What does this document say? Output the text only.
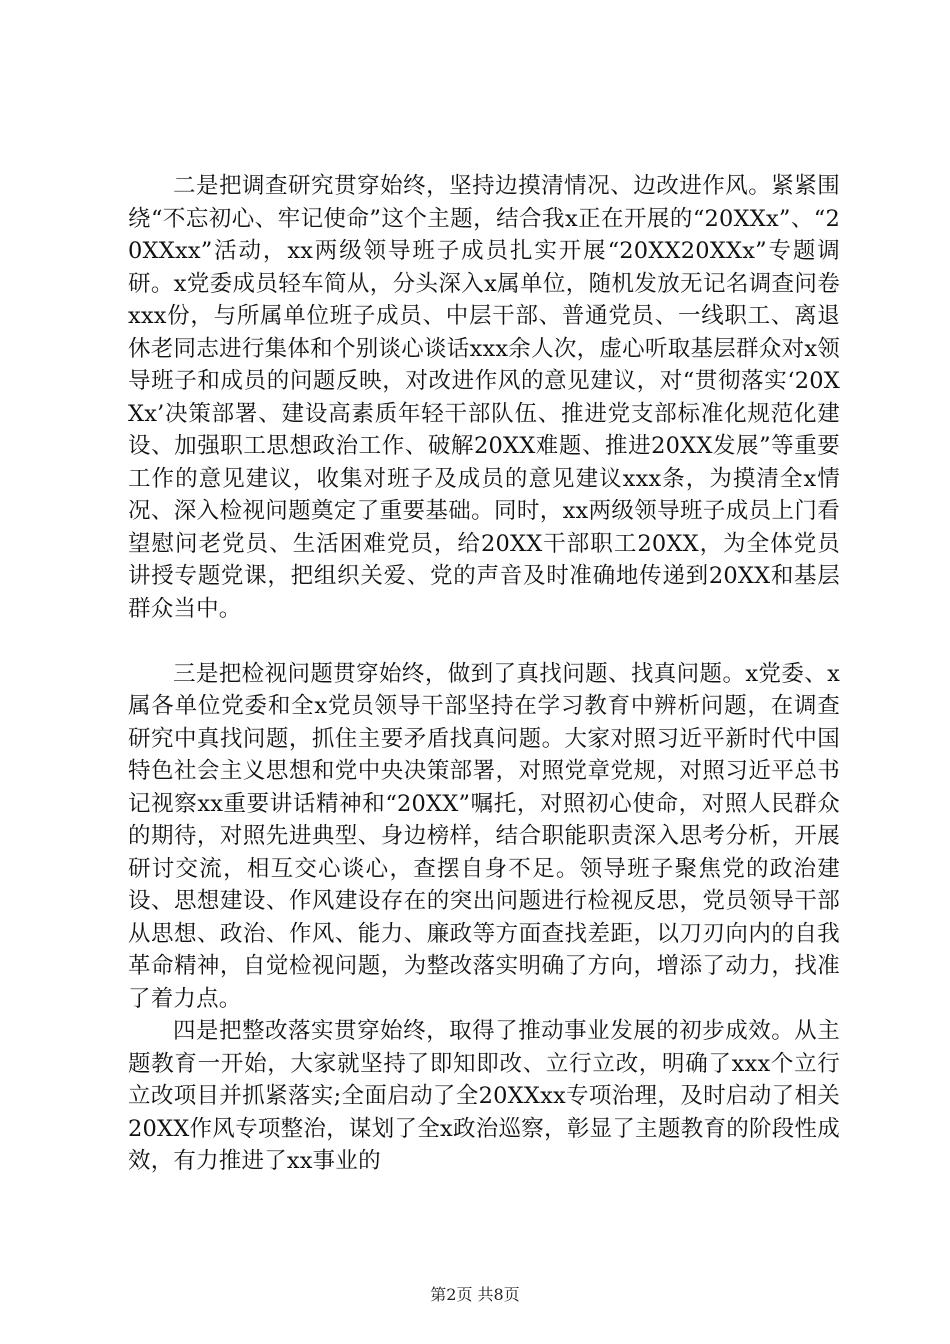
二是把调查研究贯穿始终，坚持边摸清情况、边改进作风。紧紧围绕“不忘初心、牢记使命”这个主题，结合我x正在开展的“20XXx”、“20XXxx”活动，xx两级领导班子成员扎实开展“20XX20XXx”专题调研。x党委成员轻车简从，分头深入x属单位，随机发放无记名调查问卷xxx份，与所属单位班子成员、中层干部、普通党员、一线职工、离退休老同志进行集体和个别谈心谈话xxx余人次，虚心听取基层群众对x领导班子和成员的问题反映，对改进作风的意见建议，对“贯彻落实‘20XXx’决策部署、建设高素质年轻干部队伍、推进党支部标准化规范化建设、加强职工思想政治工作、破解20XX难题、推进20XX发展”等重要工作的意见建议，收集对班子及成员的意见建议xxx条，为摸清全x情况、深入检视问题奠定了重要基础。同时，xx两级领导班子成员上门看望慰问老党员、生活困难党员，给20XX干部职工20XX，为全体党员讲授专题党课，把组织关爱、党的声音及时准确地传递到20XX和基层群众当中。

三是把检视问题贯穿始终，做到了真找问题、找真问题。x党委、x属各单位党委和全x党员领导干部坚持在学习教育中辨析问题，在调查研究中真找问题，抓住主要矛盾找真问题。大家对照习近平新时代中国特色社会主义思想和党中央决策部署，对照党章党规，对照习近平总书记视察xx重要讲话精神和“20XX”嘱托，对照初心使命，对照人民群众的期待，对照先进典型、身边榜样，结合职能职责深入思考分析，开展研讨交流，相互交心谈心，查摆自身不足。领导班子聚焦党的政治建设、思想建设、作风建设存在的突出问题进行检视反思，党员领导干部从思想、政治、作风、能力、廉政等方面查找差距，以刀刃向内的自我革命精神，自觉检视问题，为整改落实明确了方向，增添了动力，找准了着力点。

四是把整改落实贯穿始终，取得了推动事业发展的初步成效。从主题教育一开始，大家就坚持了即知即改、立行立改，明确了xxx个立行立改项目并抓紧落实;全面启动了全20XXxx专项治理，及时启动了相关20XX作风专项整治，谋划了全x政治巡察，彰显了主题教育的阶段性成效，有力推进了xx事业的

第2页 共8页
